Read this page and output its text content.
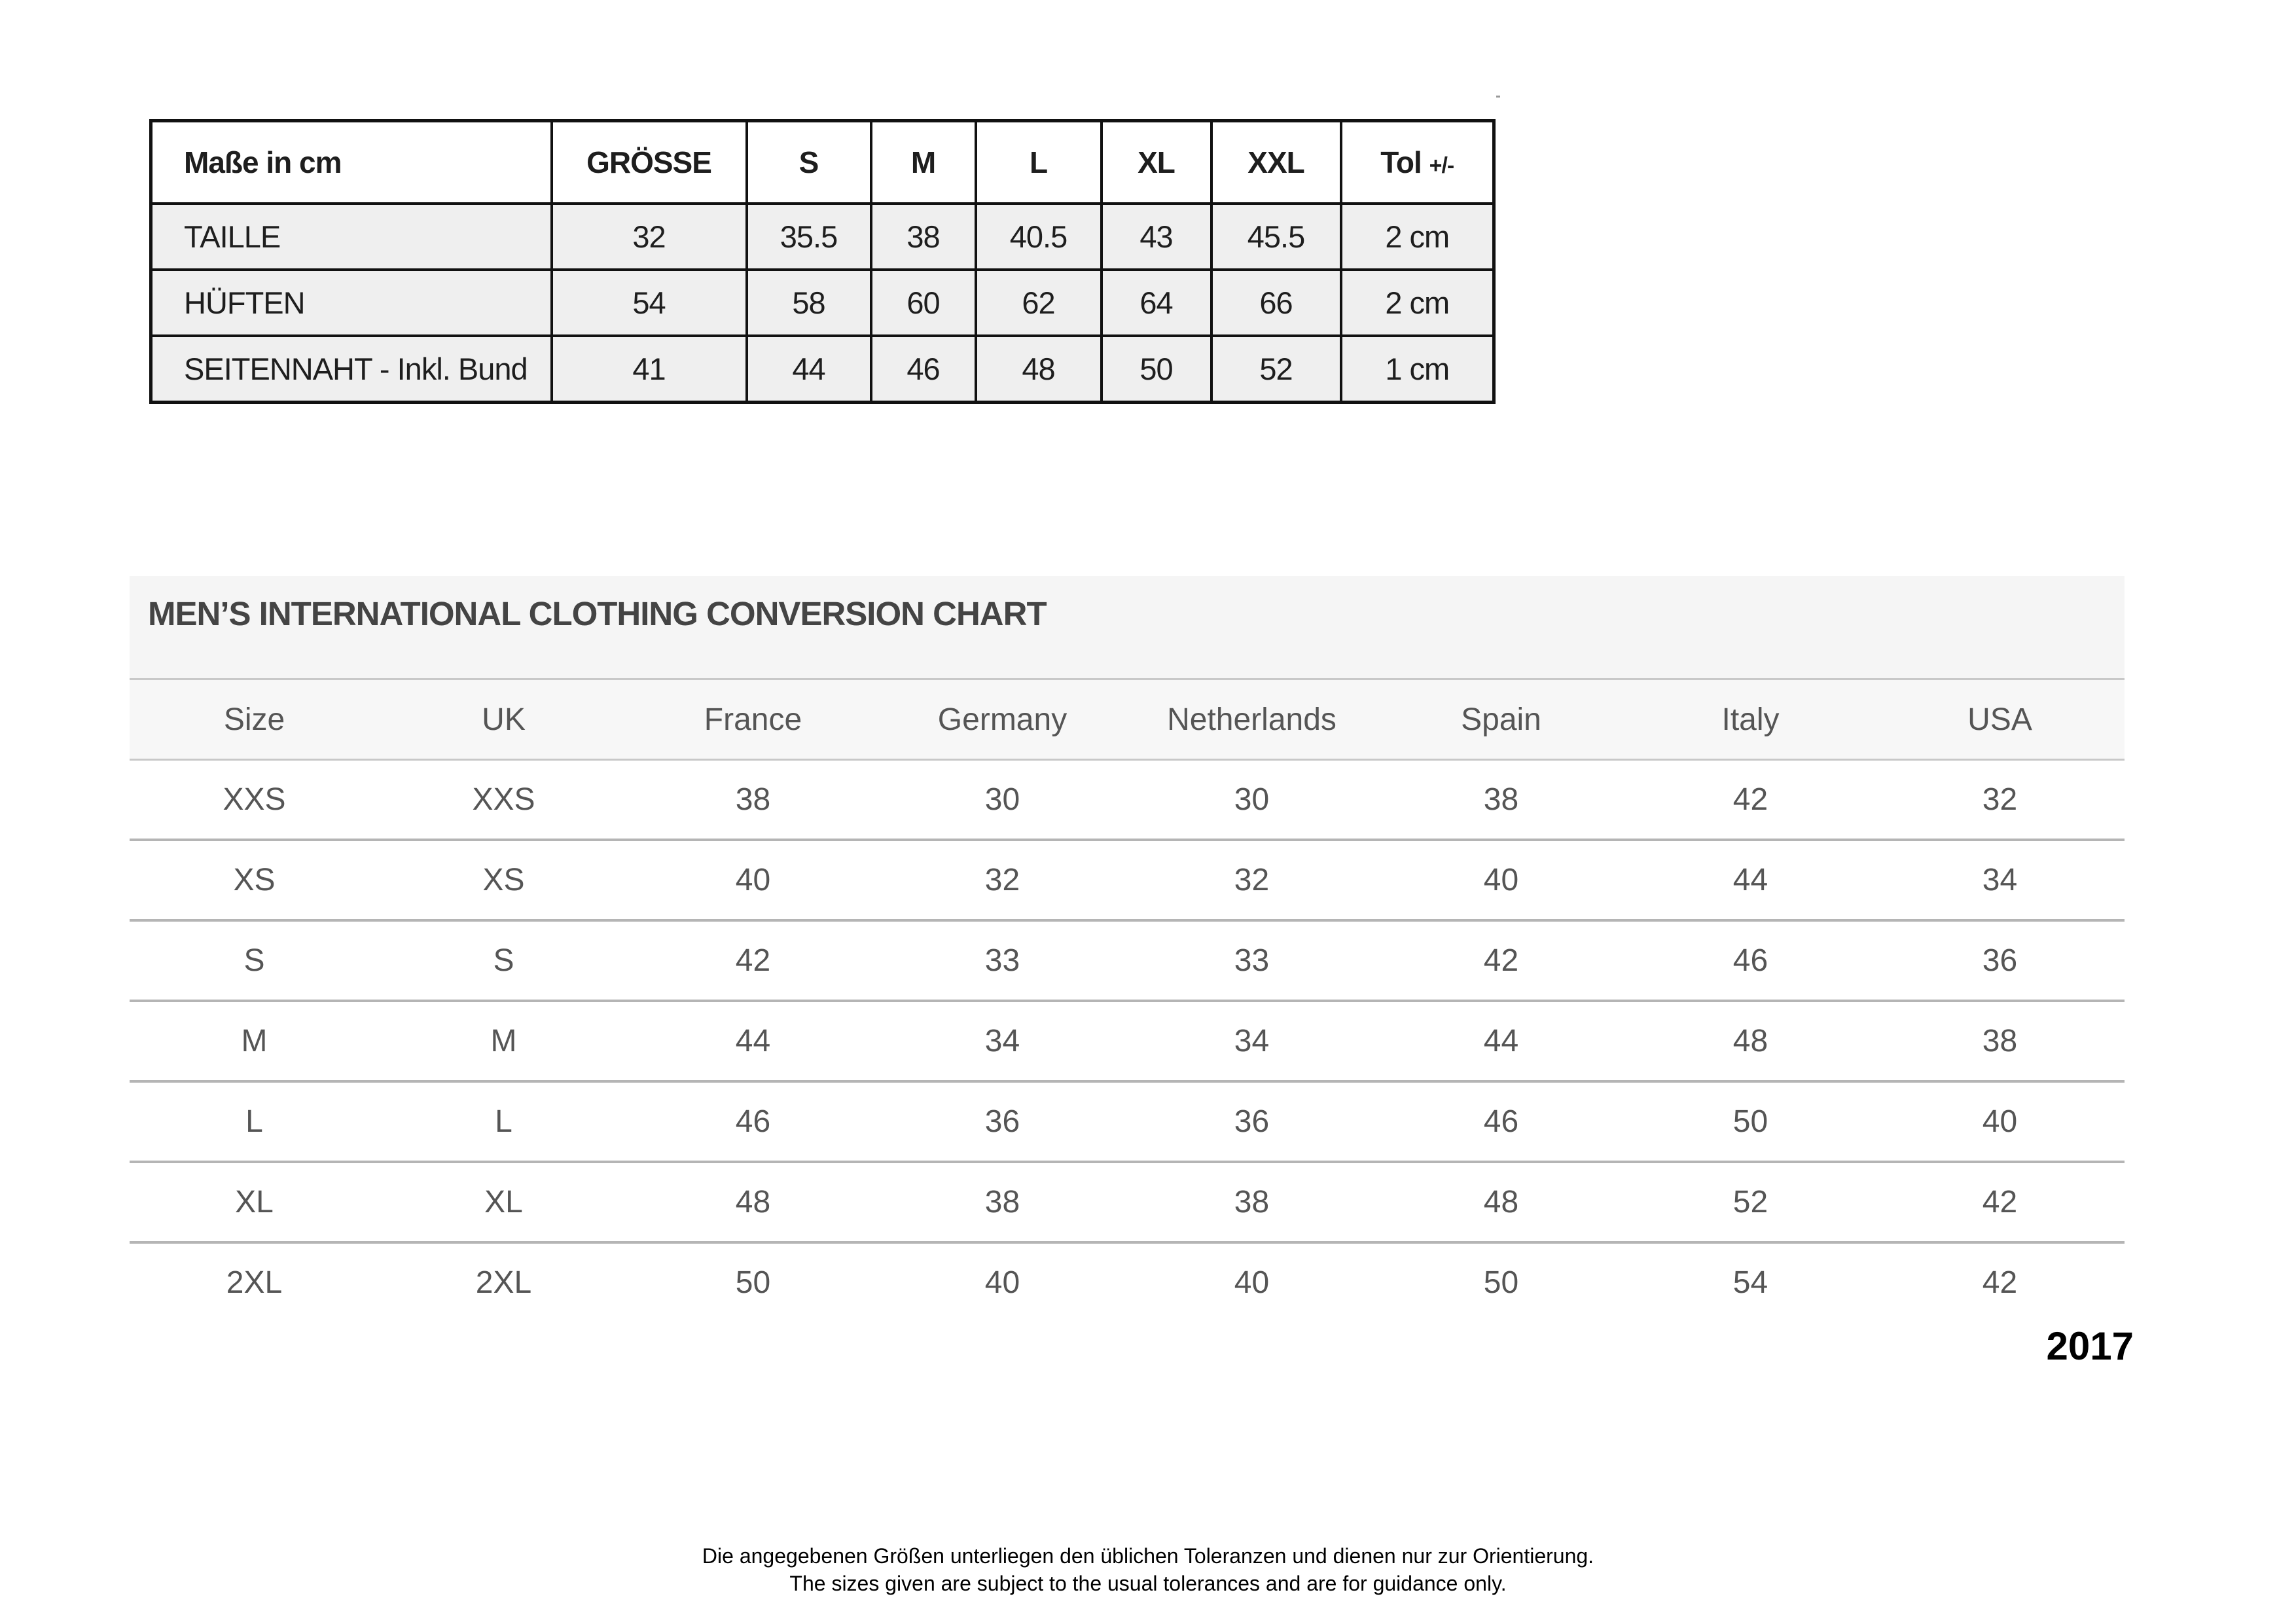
Maße in cm	GRÖSSE	S	M	L	XL	XXL	Tol +/-
TAILLE	32	35.5	38	40.5	43	45.5	2 cm
HÜFTEN	54	58	60	62	64	66	2 cm
SEITENNAHT - Inkl. Bund	41	44	46	48	50	52	1 cm
MEN’S INTERNATIONAL CLOTHING CONVERSION CHART
Size	UK	France	Germany	Netherlands	Spain	Italy	USA
XXS	XXS	38	30	30	38	42	32
XS	XS	40	32	32	40	44	34
S	S	42	33	33	42	46	36
M	M	44	34	34	44	48	38
L	L	46	36	36	46	50	40
XL	XL	48	38	38	48	52	42
2XL	2XL	50	40	40	50	54	42
2017
Die angegebenen Größen unterliegen den üblichen Toleranzen und dienen nur zur Orientierung.
The sizes given are subject to the usual tolerances and are for guidance only.
